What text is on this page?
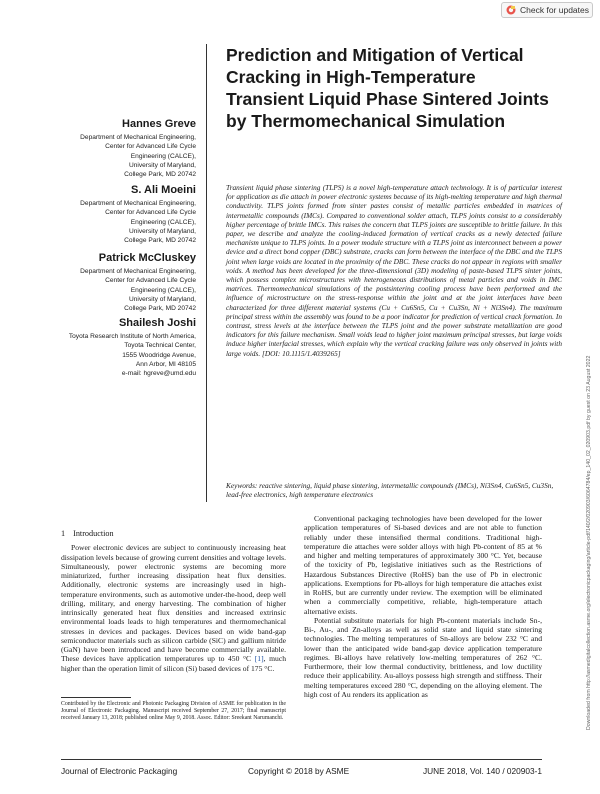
Check for updates
Prediction and Mitigation of Vertical Cracking in High-Temperature Transient Liquid Phase Sintered Joints by Thermomechanical Simulation
Hannes Greve
Department of Mechanical Engineering,
Center for Advanced Life Cycle
Engineering (CALCE),
University of Maryland,
College Park, MD 20742
S. Ali Moeini
Department of Mechanical Engineering,
Center for Advanced Life Cycle
Engineering (CALCE),
University of Maryland,
College Park, MD 20742
Patrick McCluskey
Department of Mechanical Engineering,
Center for Advanced Life Cycle
Engineering (CALCE),
University of Maryland,
College Park, MD 20742
Shailesh Joshi
Toyota Research Institute of North America,
Toyota Technical Center,
1555 Woodridge Avenue,
Ann Arbor, MI 48105
e-mail: hgreve@umd.edu
Transient liquid phase sintering (TLPS) is a novel high-temperature attach technology. It is of particular interest for application as die attach in power electronic systems because of its high-melting temperature and high thermal conductivity. TLPS joints formed from sinter pastes consist of metallic particles embedded in matrices of intermetallic compounds (IMCs). Compared to conventional solder attach, TLPS joints consist to a considerably higher percentage of brittle IMCs. This raises the concern that TLPS joints are susceptible to brittle failure. In this paper, we describe and analyze the cooling-induced formation of vertical cracks as a newly detected failure mechanism unique to TLPS joints. In a power module structure with a TLPS joint as interconnect between a power device and a direct bond copper (DBC) substrate, cracks can form between the interface of the DBC and the TLPS joint when large voids are located in the proximity of the DBC. These cracks do not appear in regions with smaller voids. A method has been developed for the three-dimensional (3D) modeling of paste-based TLPS sinter joints, which possess complex microstructures with heterogeneous distributions of metal particles and voids in IMC matrices. Thermomechanical simulations of the postsintering cooling process have been performed and the influence of microstructure on the stress-response within the joint and at the joint interfaces have been characterized for three different material systems (Cu + Cu6Sn5, Cu + Cu3Sn, Ni + Ni3Sn4). The maximum principal stress within the assembly was found to be a poor indicator for prediction of vertical crack formation. In contrast, stress levels at the interface between the TLPS joint and the power substrate metallization are good indicators for this failure mechanism. Small voids lead to higher joint maximum principal stresses, but large voids induce higher interfacial stresses, which explain why the vertical cracking failure was only observed in joints with large voids. [DOI: 10.1115/1.4039265]
Keywords: reactive sintering, liquid phase sintering, intermetallic compounds (IMCs), Ni3Sn4, Cu6Sn5, Cu3Sn, lead-free electronics, high temperature electronics	Downloaded from http://asmedigitalcollection.asme.org/electronicpackaging/article-pdf/140/2/020903/6064784/ep_140_02_020903.pdf by guest on 23 August 2022
1 Introduction

Power electronic devices are subject to continuously increasing heat dissipation levels because of growing current densities and voltage levels. Simultaneously, power electronic systems are becoming more miniaturized, further increasing dissipation heat flux densities. Additionally, electronic systems are increasingly used in high-temperature environments, such as automotive under-the-hood, deep well drilling, military, and energy harvesting. The combination of higher intrinsically generated heat flux densities and increased extrinsic environmental loads leads to high temperatures and thermomechanical stresses in devices and packages. Devices based on wide band-gap semiconductor materials such as silicon carbide (SiC) and gallium nitride (GaN) have been introduced and have become commercially available. These devices have application temperatures up to 450 °C [1], much higher than the operation limit of silicon (Si) based devices of 175 °C.

Contributed by the Electronic and Photonic Packaging Division of ASME for publication in the Journal of Electronic Packaging. Manuscript received September 27, 2017; final manuscript received January 13, 2018; published online May 9, 2018. Assoc. Editor: Sreekant Narumanchi.

Conventional packaging technologies have been developed for the lower application temperatures of Si-based devices and are not able to function reliably under these intensified thermal conditions. Traditional high-temperature die attaches were solder alloys with high Pb-content of 85 at % and higher and melting temperatures of approximately 300 °C. Yet, because of the toxicity of Pb, legislative initiatives such as the Restrictions of Hazardous Substances Directive (RoHS) ban the use of Pb in electronic applications. Exemptions for Pb-alloys for high temperature die attaches exist in RoHS, but are currently under review. The exemption will be eliminated when a commercially competitive, reliable, high-temperature attach alternative exists.

Potential substitute materials for high Pb-content materials include Sn-, Bi-, Au-, and Zn-alloys as well as solid state and liquid state sintering technologies. The melting temperatures of Sn-alloys are below 232 °C and lower than the anticipated wide band-gap device application temperature regimes. Bi-alloys have relatively low-melting temperatures of 262 °C. Furthermore, their low thermal conductivity, brittleness, and low ductility reduce their applicability. Au-alloys possess high strength and stiffness. Their melting temperatures exceed 280 °C, depending on the alloying element. The high cost of Au renders its application as

Journal of Electronic Packaging	Copyright © 2018 by ASME	JUNE 2018, Vol. 140 / 020903-1
